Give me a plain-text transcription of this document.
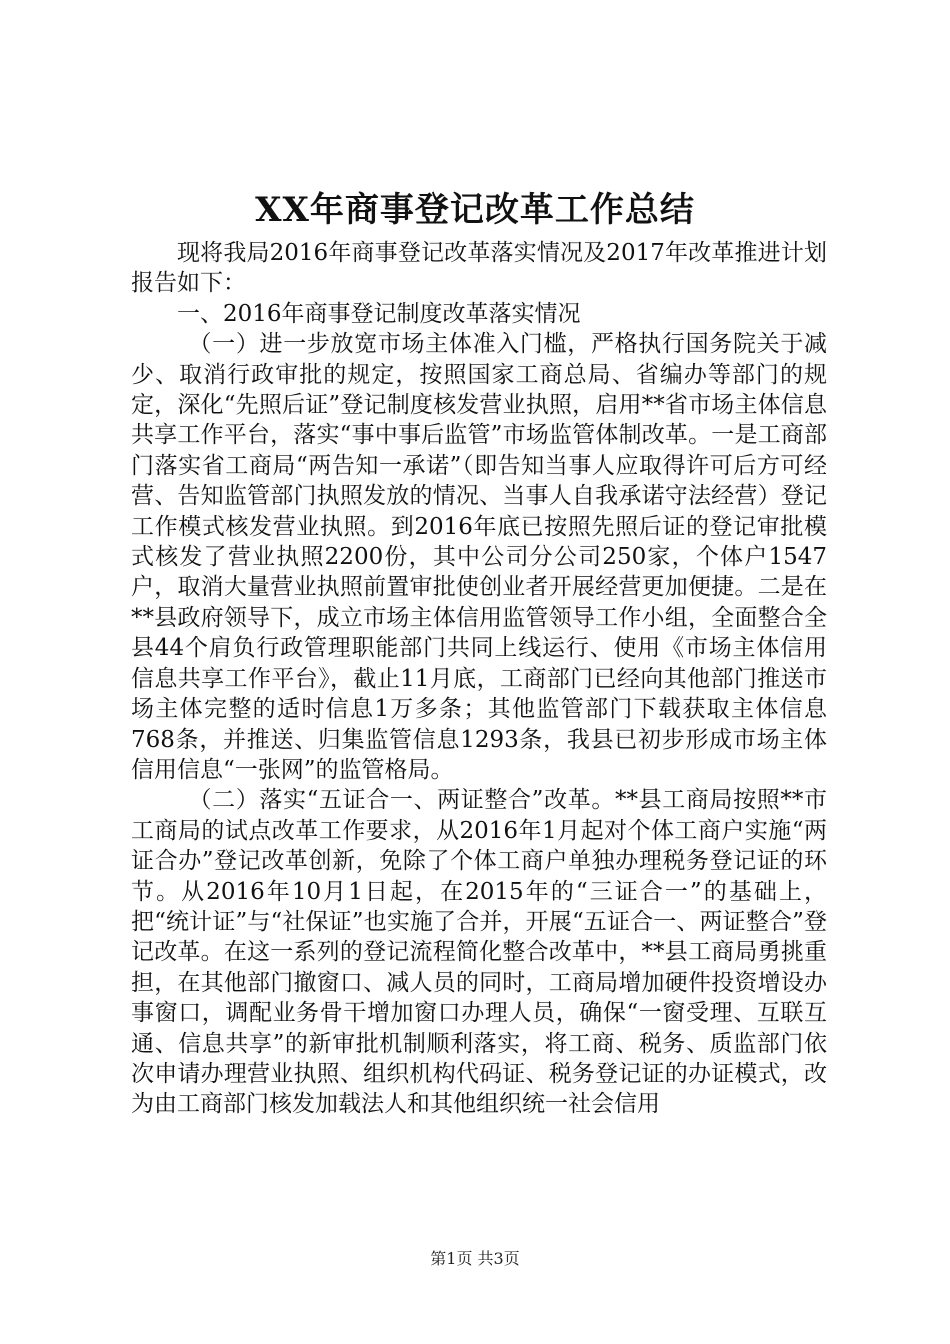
XX年商事登记改革工作总结

现将我局2016年商事登记改革落实情况及2017年改革推进计划报告如下：

一、2016年商事登记制度改革落实情况

（一）进一步放宽市场主体准入门槛，严格执行国务院关于减少、取消行政审批的规定，按照国家工商总局、省编办等部门的规定，深化“先照后证”登记制度核发营业执照，启用**省市场主体信息共享工作平台，落实“事中事后监管”市场监管体制改革。一是工商部门落实省工商局“两告知一承诺”（即告知当事人应取得许可后方可经营、告知监管部门执照发放的情况、当事人自我承诺守法经营）登记工作模式核发营业执照。到2016年底已按照先照后证的登记审批模式核发了营业执照2200份，其中公司分公司250家，个体户1547户，取消大量营业执照前置审批使创业者开展经营更加便捷。二是在**县政府领导下，成立市场主体信用监管领导工作小组，全面整合全县44个肩负行政管理职能部门共同上线运行、使用《市场主体信用信息共享工作平台》，截止11月底，工商部门已经向其他部门推送市场主体完整的适时信息1万多条；其他监管部门下载获取主体信息768条，并推送、归集监管信息1293条，我县已初步形成市场主体信用信息“一张网”的监管格局。

（二）落实“五证合一、两证整合”改革。**县工商局按照**市工商局的试点改革工作要求，从2016年1月起对个体工商户实施“两证合办”登记改革创新，免除了个体工商户单独办理税务登记证的环节。从2016年10月1日起，在2015年的“三证合一”的基础上，把“统计证”与“社保证”也实施了合并，开展“五证合一、两证整合”登记改革。在这一系列的登记流程简化整合改革中，**县工商局勇挑重担，在其他部门撤窗口、减人员的同时，工商局增加硬件投资增设办事窗口，调配业务骨干增加窗口办理人员，确保“一窗受理、互联互通、信息共享”的新审批机制顺利落实，将工商、税务、质监部门依次申请办理营业执照、组织机构代码证、税务登记证的办证模式，改为由工商部门核发加载法人和其他组织统一社会信用

第1页 共3页
